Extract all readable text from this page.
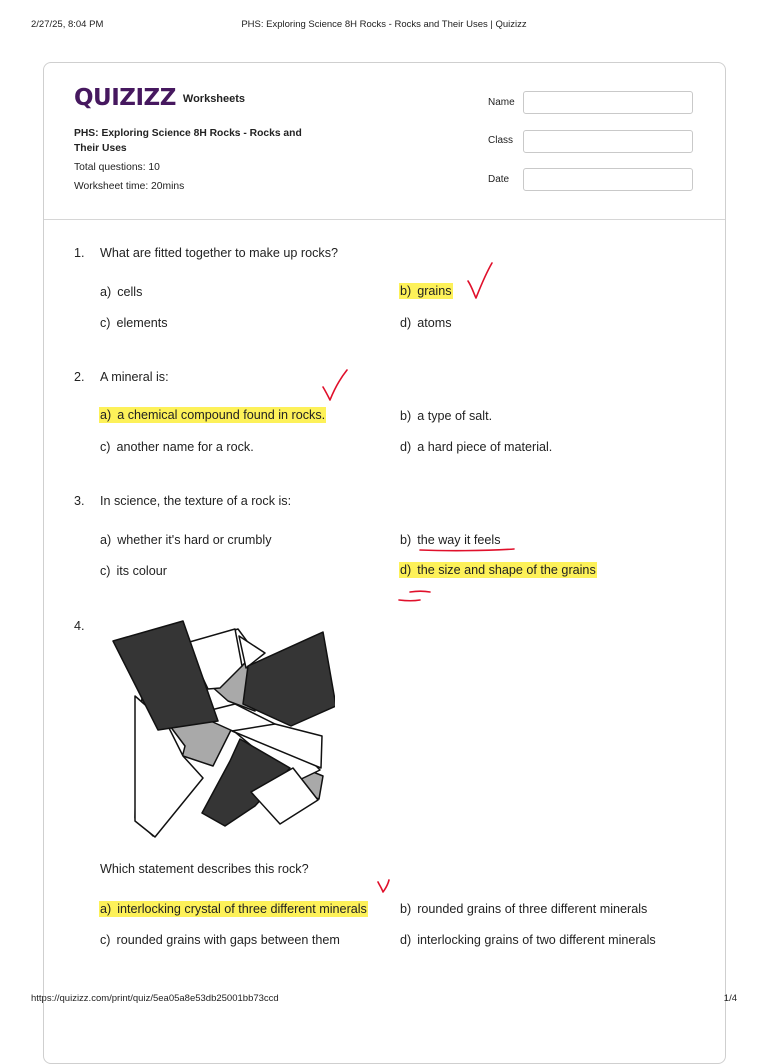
2/27/25, 8:04 PM	PHS: Exploring Science 8H Rocks - Rocks and Their Uses | Quizizz
QUIZIZZ Worksheets
PHS: Exploring Science 8H Rocks - Rocks and Their Uses
Total questions: 10
Worksheet time: 20mins
Name
Class
Date
1. What are fitted together to make up rocks?
a) cells	b) grains
c) elements	d) atoms
2. A mineral is:
a) a chemical compound found in rocks.	b) a type of salt.
c) another name for a rock.	d) a hard piece of material.
3. In science, the texture of a rock is:
a) whether it's hard or crumbly	b) the way it feels
c) its colour	d) the size and shape of the grains
4.
Which statement describes this rock?
a) interlocking crystal of three different minerals	b) rounded grains of three different minerals
c) rounded grains with gaps between them	d) interlocking grains of two different minerals
https://quizizz.com/print/quiz/5ea05a8e53db25001bb73ccd	1/4
